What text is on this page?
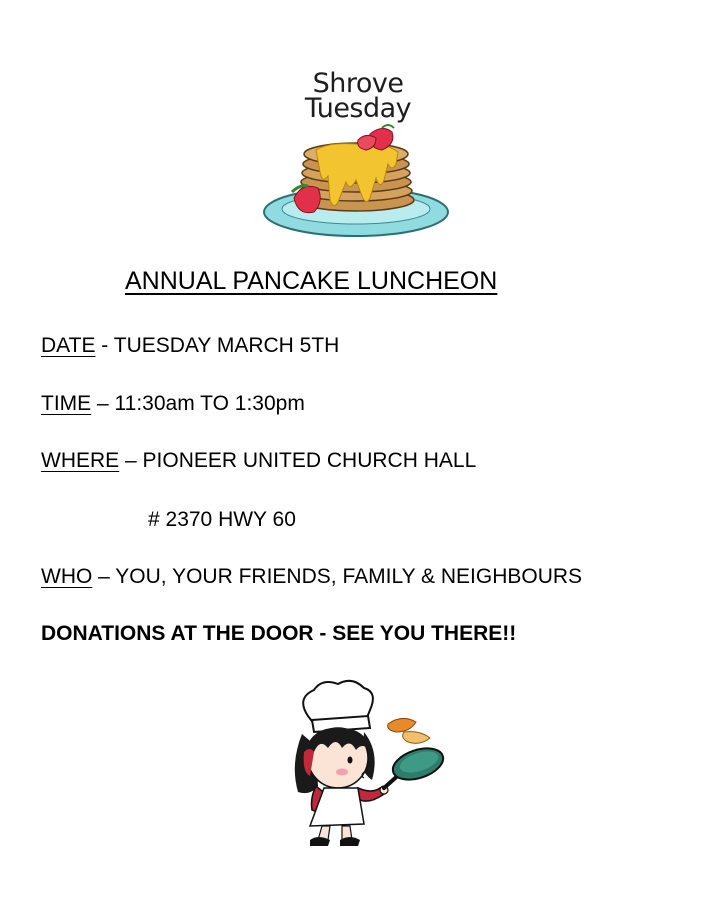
Shrove
Tuesday
ANNUAL PANCAKE LUNCHEON
DATE - TUESDAY MARCH 5TH
TIME – 11:30am TO 1:30pm
WHERE – PIONEER UNITED CHURCH HALL
# 2370 HWY 60
WHO – YOU, YOUR FRIENDS, FAMILY & NEIGHBOURS
DONATIONS AT THE DOOR - SEE YOU THERE!!
